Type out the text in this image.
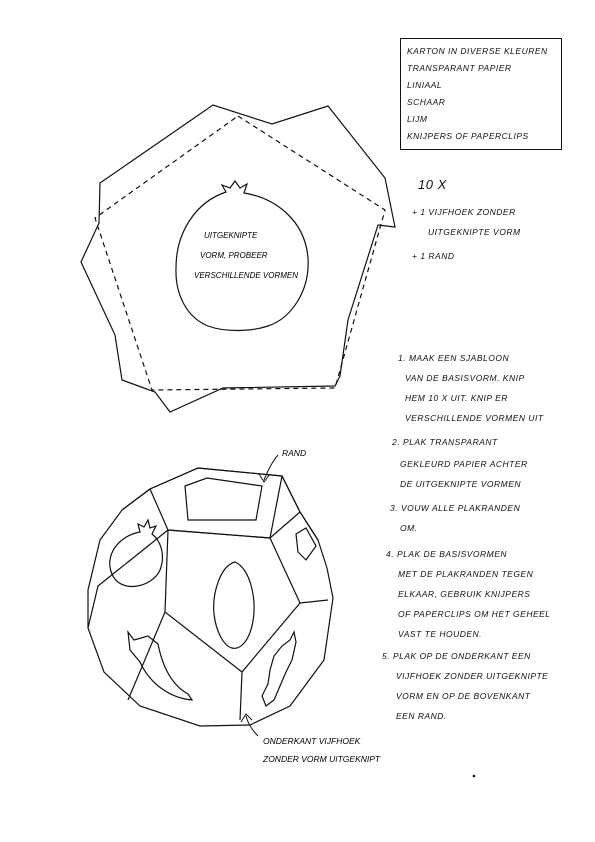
KARTON IN DIVERSE KLEUREN
TRANSPARANT PAPIER
LINIAAL
SCHAAR
LIJM
KNIJPERS OF PAPERCLIPS
10 X
+ 1 VIJFHOEK ZONDER
UITGEKNIPTE VORM
+ 1 RAND
UITGEKNIPTE
VORM, PROBEER
VERSCHILLENDE VORMEN
RAND
ONDERKANT VIJFHOEK
ZONDER VORM UITGEKNIPT
1. MAAK EEN SJABLOON
VAN DE BASISVORM. KNIP
HEM 10 X UIT. KNIP ER
VERSCHILLENDE VORMEN UIT
2. PLAK TRANSPARANT
GEKLEURD PAPIER ACHTER
DE UITGEKNIPTE VORMEN
3. VOUW ALLE PLAKRANDEN
OM.
4. PLAK DE BASISVORMEN
MET DE PLAKRANDEN TEGEN
ELKAAR, GEBRUIK KNIJPERS
OF PAPERCLIPS OM HET GEHEEL
VAST TE HOUDEN.
5. PLAK OP DE ONDERKANT EEN
VIJFHOEK ZONDER UITGEKNIPTE
VORM EN OP DE BOVENKANT
EEN RAND.
